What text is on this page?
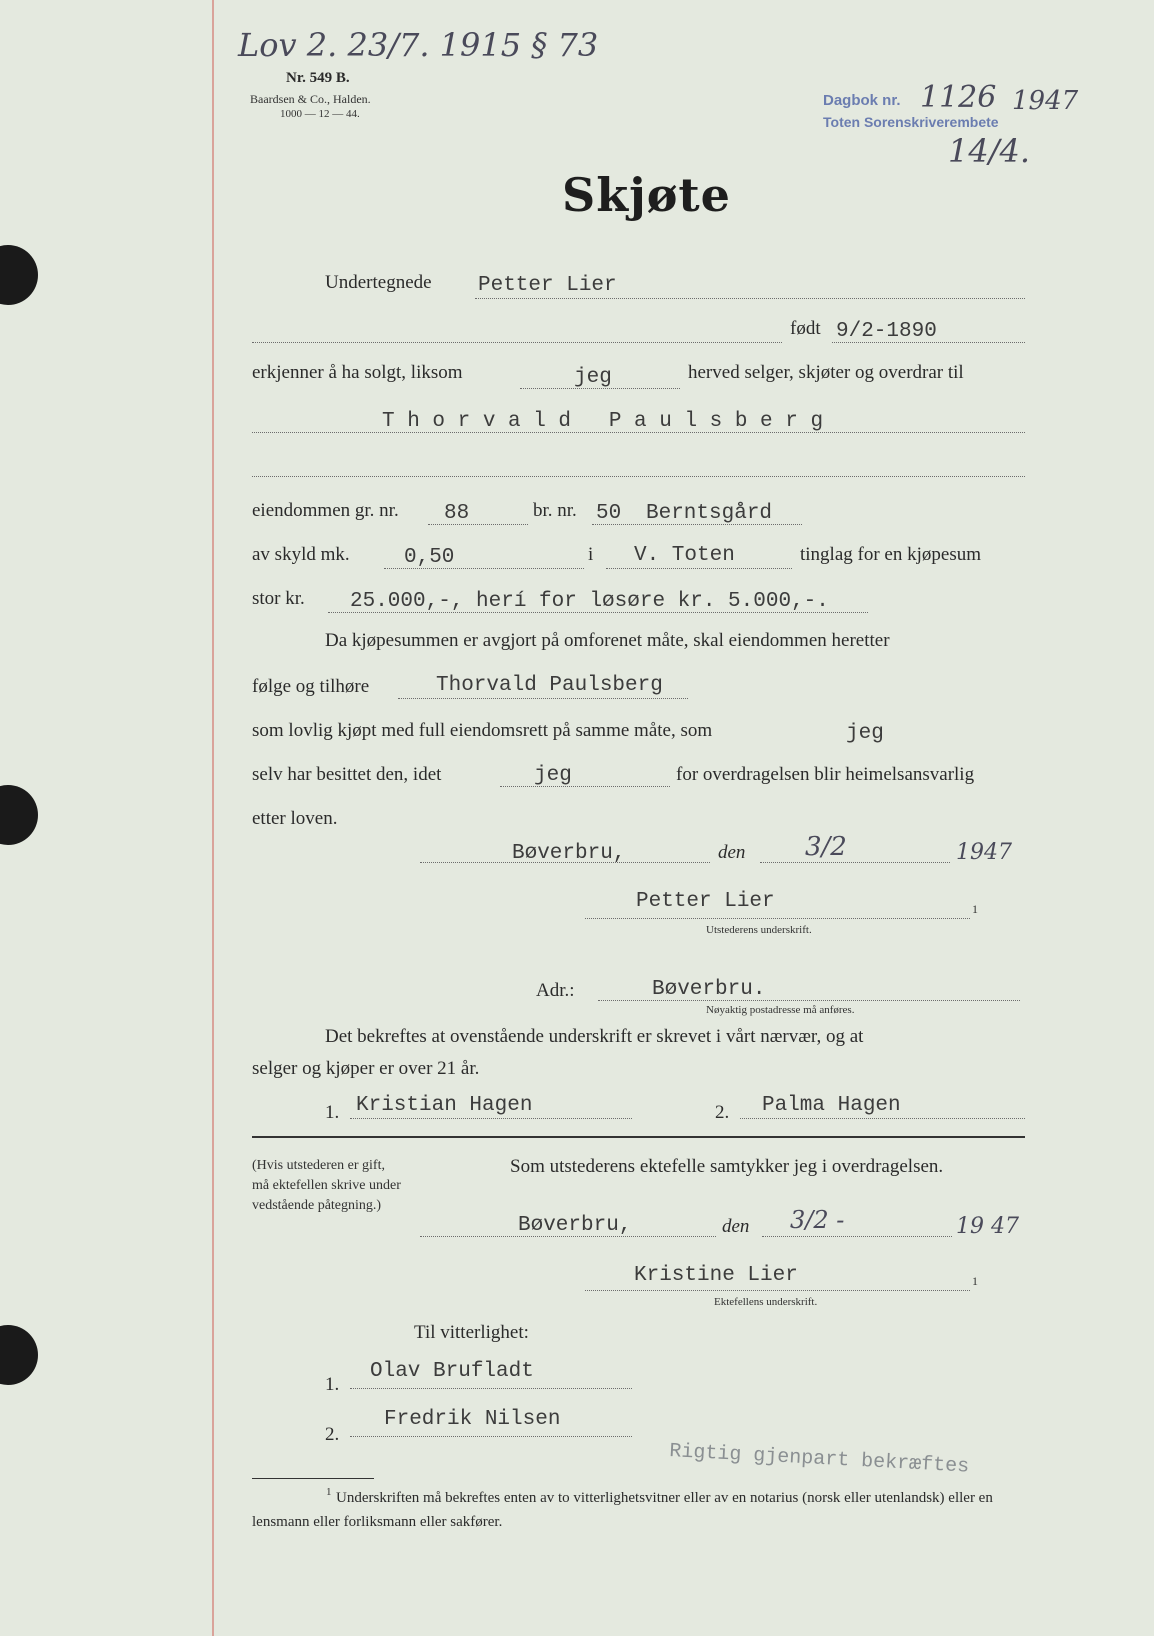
Lov 2. 23/7. 1915 § 73
Nr. 549 B.
Baardsen & Co., Halden.
1000 — 12 — 44.
Dagbok nr. 1126 1947
Toten Sorenskriverembete
14/4.
Skjøte
Undertegnede Petter Lier
født 9/2-1890
erkjenner å ha solgt, liksom	jeg	herved selger, skjøter og overdrar til
T h o r v a l d   P a u l s b e r g
eiendommen gr. nr. 88	br. nr. 50 Berntsgård
av skyld mk.	0,50	i V. Toten	tinglag for en kjøpesum
stor kr. 25.000,-, herí for løsøre kr. 5.000,-.
Da kjøpesummen er avgjort på omforenet måte, skal eiendommen heretter
følge og tilhøre	Thorvald Paulsberg
som lovlig kjøpt med full eiendomsrett på samme måte, som	jeg
selv har besittet den, idet	jeg	for overdragelsen blir heimelsansvarlig
etter loven.
Bøverbru,	den 3/2	1947
Petter Lier	1
Utstederens underskrift.
Adr.:	Bøverbru.
Nøyaktig postadresse må anføres.
Det bekreftes at ovenstående underskrift er skrevet i vårt nærvær, og at
selger og kjøper er over 21 år.
1. Kristian Hagen	2. Palma Hagen
(Hvis utstederen er gift,
må ektefellen skrive under
vedstående påtegning.)
Som utstederens ektefelle samtykker jeg i overdragelsen.
Bøverbru,	den 3/2 -	19 47
Kristine Lier	1
Ektefellens underskrift.
Til vitterlighet:
1.
Olav Brufladt
2.
Fredrik Nilsen
Rigtig gjenpart bekræftes
1 Underskriften må bekreftes enten av to vitterlighetsvitner eller av en notarius (norsk eller utenlandsk) eller en lensmann eller forliksmann eller sakfører.
